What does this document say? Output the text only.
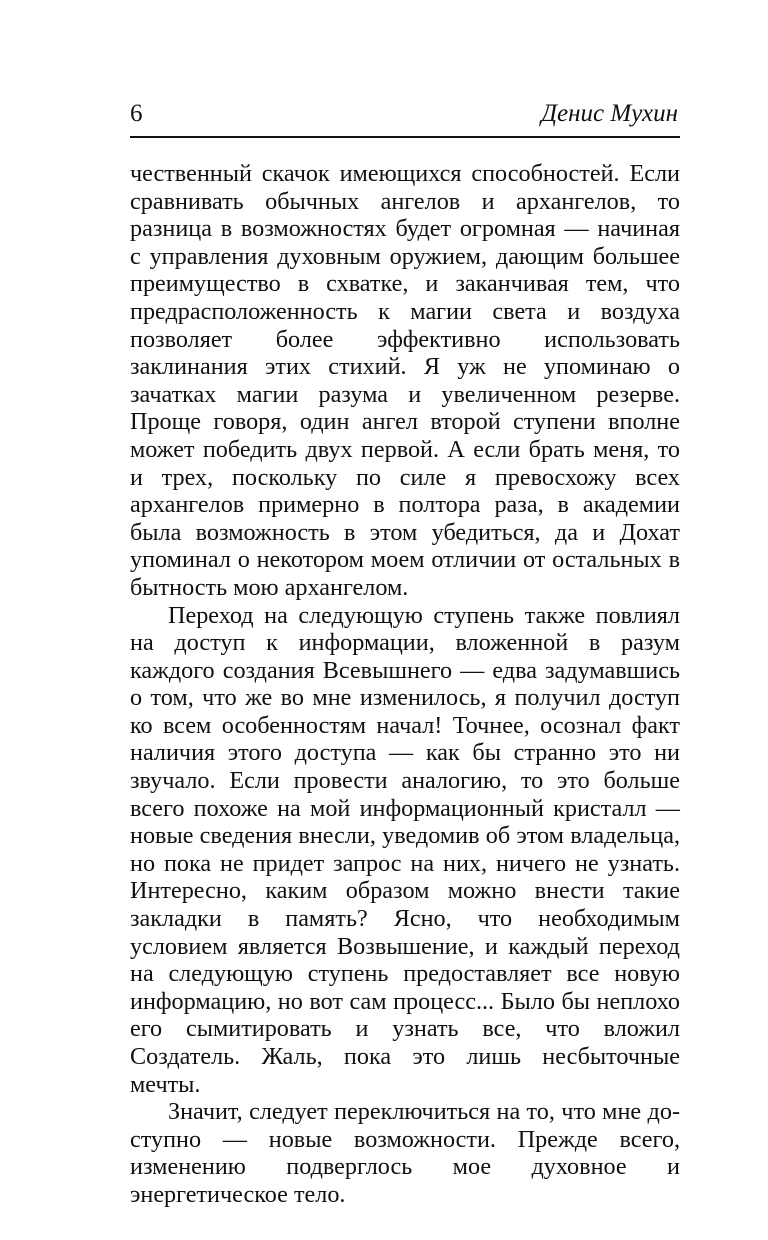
6	Денис Мухин

чественный скачок имеющихся способностей. Если сравнивать обычных ангелов и архангелов, то разница в возможностях будет огромная — начиная с управления духовным оружием, дающим большее преимущество в схватке, и заканчивая тем, что предрасположенность к магии света и воздуха позволяет более эффективно использовать заклинания этих стихий. Я уж не упоминаю о зачатках магии разума и увеличенном резерве. Проще говоря, один ангел второй ступени вполне может победить двух первой. А если брать меня, то и трех, поскольку по силе я превосхожу всех архангелов примерно в полтора раза, в академии была возможность в этом убедиться, да и Дохат упоминал о некотором моем отличии от остальных в бытность мою архангелом.

Переход на следующую ступень также повлиял на доступ к информации, вложенной в разум каждого создания Всевышнего — едва задумавшись о том, что же во мне изменилось, я получил доступ ко всем особенностям начал! Точнее, осознал факт наличия этого доступа — как бы странно это ни звучало. Если провести аналогию, то это больше всего похоже на мой информационный кристалл — новые сведения внесли, уведомив об этом владельца, но пока не придет запрос на них, ничего не узнать. Интересно, каким образом можно внести такие закладки в память? Ясно, что необходимым условием является Возвышение, и каждый переход на следующую ступень предоставляет все новую информацию, но вот сам процесс... Было бы неплохо его сымитировать и узнать все, что вложил Создатель. Жаль, пока это лишь несбыточные мечты.

Значит, следует переключиться на то, что мне доступно — новые возможности. Прежде всего, изменению подверглось мое духовное и энергетическое тело.
